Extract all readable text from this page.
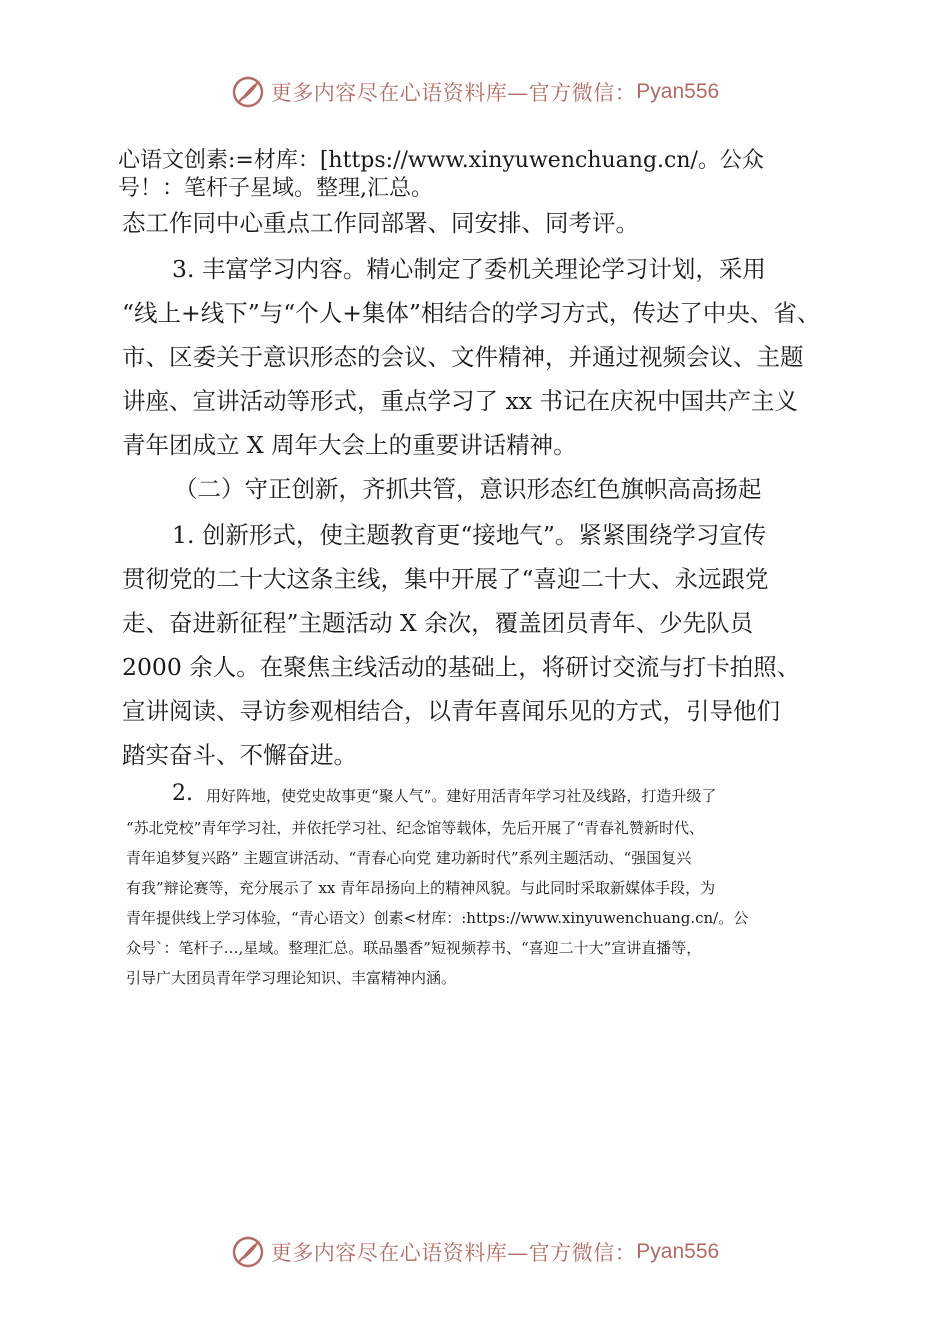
更多内容尽在心语资料库—官方微信： Pyan556
心语文创素:=材库：[https://www.xinyuwenchuang.cn/。公众
号！：笔杆子星域。整理,汇总。
态工作同中心重点工作同部署、同安排、同考评。
3. 丰富学习内容。精心制定了委机关理论学习计划，采用
“线上+线下”与“个人+集体”相结合的学习方式，传达了中央、省、
市、区委关于意识形态的会议、文件精神，并通过视频会议、主题
讲座、宣讲活动等形式，重点学习了 xx 书记在庆祝中国共产主义
青年团成立 X 周年大会上的重要讲话精神。
（二）守正创新，齐抓共管，意识形态红色旗帜高高扬起
1. 创新形式，使主题教育更“接地气”。紧紧围绕学习宣传
贯彻党的二十大这条主线，集中开展了“喜迎二十大、永远跟党
走、奋进新征程”主题活动 X 余次，覆盖团员青年、少先队员
2000 余人。在聚焦主线活动的基础上，将研讨交流与打卡拍照、
宣讲阅读、寻访参观相结合，以青年喜闻乐见的方式，引导他们
踏实奋斗、不懈奋进。
2. 用好阵地，使党史故事更“聚人气”。建好用活青年学习社及线路，打造升级了
“苏北党校”青年学习社，并依托学习社、纪念馆等载体，先后开展了“青春礼赞新时代、
青年追梦复兴路” 主题宣讲活动、“青春心向党 建功新时代”系列主题活动、“强国复兴
有我”辩论赛等，充分展示了 xx 青年昂扬向上的精神风貌。与此同时采取新媒体手段，为
青年提供线上学习体验，“青心语文）创素<材库：:https://www.xinyuwenchuang.cn/。公
众号`：笔杆子…,星域。整理汇总。联品墨香”短视频荐书、“喜迎二十大”宣讲直播等，
引导广大团员青年学习理论知识、丰富精神内涵。
更多内容尽在心语资料库—官方微信： Pyan556
